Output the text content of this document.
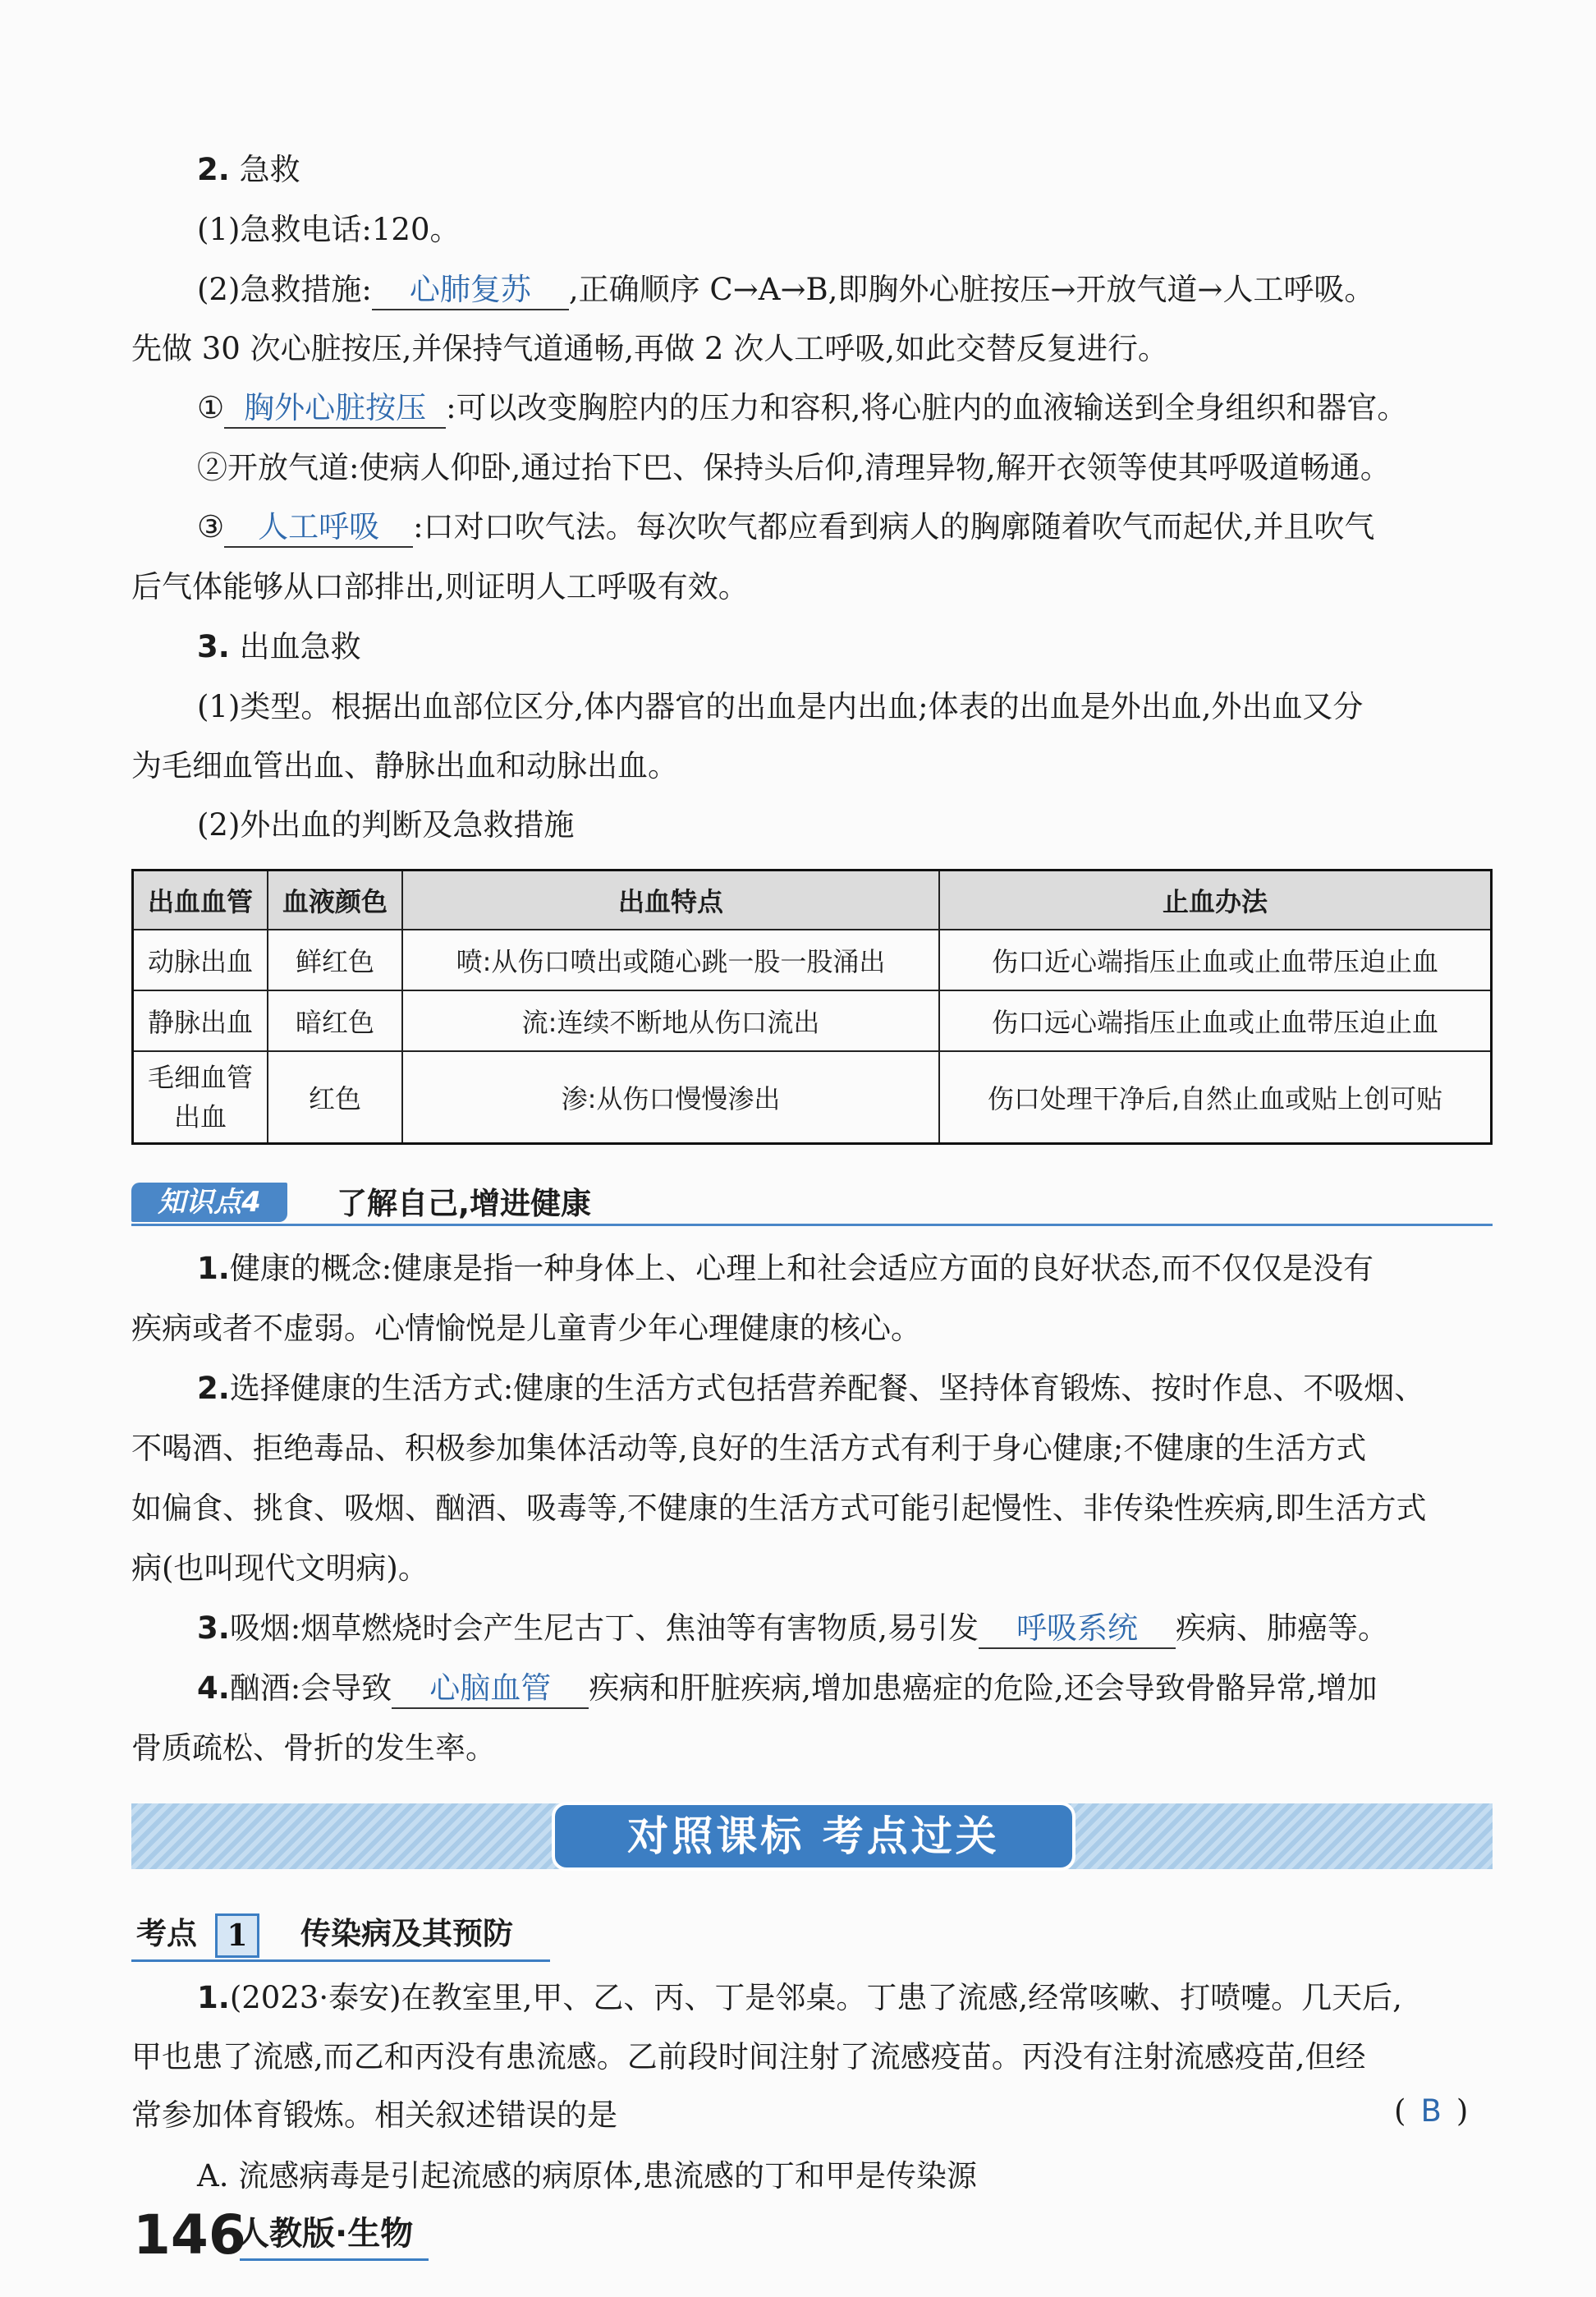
2. 急救
(1)急救电话:120。
(2)急救措施: 心肺复苏 ,正确顺序 C→A→B,即胸外心脏按压→开放气道→人工呼吸。
先做 30 次心脏按压,并保持气道通畅,再做 2 次人工呼吸,如此交替反复进行。
① 胸外心脏按压 :可以改变胸腔内的压力和容积,将心脏内的血液输送到全身组织和器官。
②开放气道:使病人仰卧,通过抬下巴、保持头后仰,清理异物,解开衣领等使其呼吸道畅通。
③ 人工呼吸 :口对口吹气法。每次吹气都应看到病人的胸廓随着吹气而起伏,并且吹气
后气体能够从口部排出,则证明人工呼吸有效。
3. 出血急救
(1)类型。根据出血部位区分,体内器官的出血是内出血;体表的出血是外出血,外出血又分
为毛细血管出血、静脉出血和动脉出血。
(2)外出血的判断及急救措施
出血血管	血液颜色	出血特点	止血办法
动脉出血	鲜红色	喷:从伤口喷出或随心跳一股一股涌出	伤口近心端指压止血或止血带压迫止血
静脉出血	暗红色	流:连续不断地从伤口流出	伤口远心端指压止血或止血带压迫止血

毛细血管
出血	红色	渗:从伤口慢慢渗出	伤口处理干净后,自然止血或贴上创可贴
知识点4	了解自己,增进健康
1.健康的概念:健康是指一种身体上、心理上和社会适应方面的良好状态,而不仅仅是没有
疾病或者不虚弱。心情愉悦是儿童青少年心理健康的核心。
2.选择健康的生活方式:健康的生活方式包括营养配餐、坚持体育锻炼、按时作息、不吸烟、
不喝酒、拒绝毒品、积极参加集体活动等,良好的生活方式有利于身心健康;不健康的生活方式
如偏食、挑食、吸烟、酗酒、吸毒等,不健康的生活方式可能引起慢性、非传染性疾病,即生活方式
病(也叫现代文明病)。
3.吸烟:烟草燃烧时会产生尼古丁、焦油等有害物质,易引发 呼吸系统 疾病、肺癌等。
4.酗酒:会导致 心脑血管 疾病和肝脏疾病,增加患癌症的危险,还会导致骨骼异常,增加
骨质疏松、骨折的发生率。
对照课标 考点过关
考点	1	传染病及其预防
1.(2023·泰安)在教室里,甲、乙、丙、丁是邻桌。丁患了流感,经常咳嗽、打喷嚏。几天后,
甲也患了流感,而乙和丙没有患流感。乙前段时间注射了流感疫苗。丙没有注射流感疫苗,但经
常参加体育锻炼。相关叙述错误的是	( B )
A. 流感病毒是引起流感的病原体,患流感的丁和甲是传染源
146
人教版·生物
